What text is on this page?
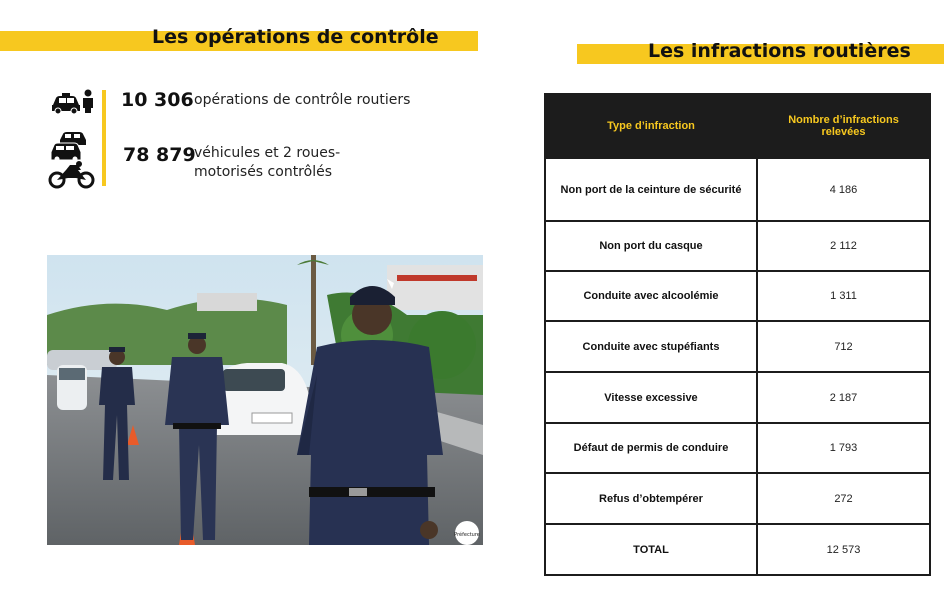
Les opérations de contrôle
10 306 opérations de contrôle routiers
78 879
véhicules et 2 roues-
motorisés contrôlés
Préfecture
Les infractions routières
Type d’infraction	Nombre d’infractions relevées
Non port de la ceinture de sécurité	4 186
Non port du casque	2 112
Conduite avec alcoolémie	1 311
Conduite avec stupéfiants	712
Vitesse excessive	2 187
Défaut de permis de conduire	1 793
Refus d’obtempérer	272
TOTAL	12 573
